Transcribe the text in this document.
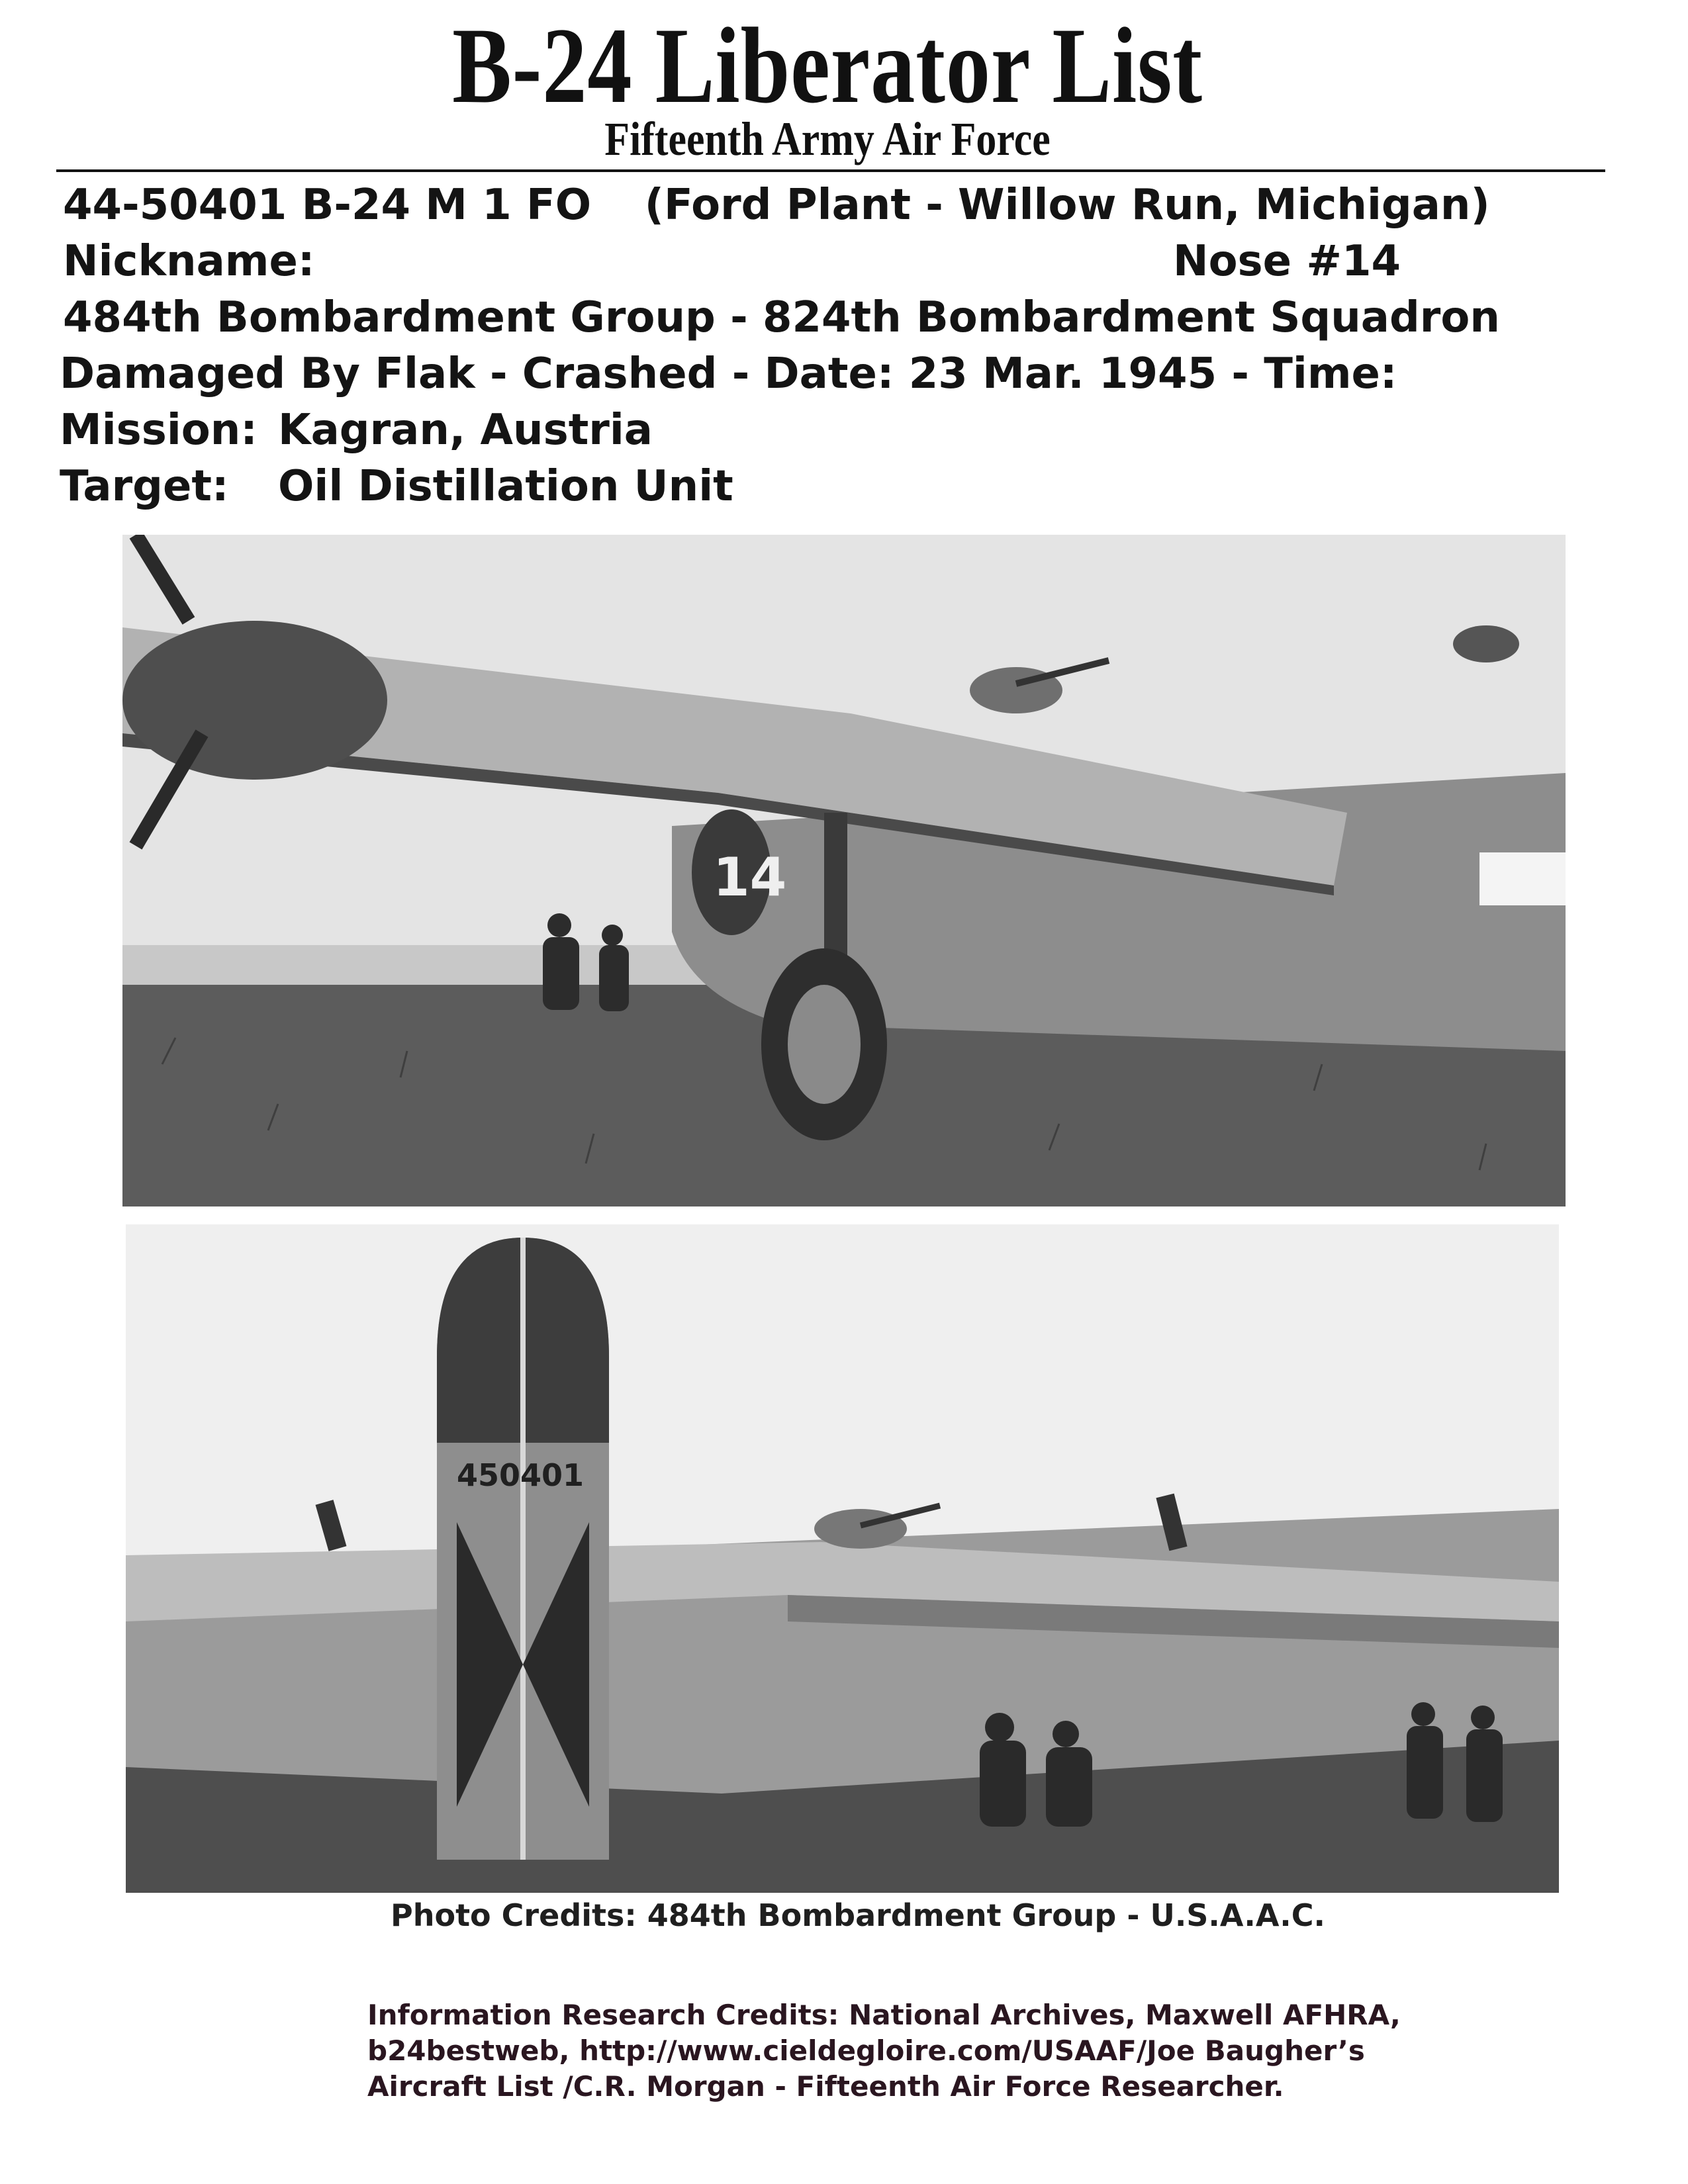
B-24 Liberator List
Fifteenth Army Air Force
44-50401 B-24 M 1 FO (Ford Plant - Willow Run, Michigan)
Nickname:	Nose #14
484th Bombardment Group - 824th Bombardment Squadron
Damaged By Flak - Crashed - Date: 23 Mar. 1945 - Time:
Mission: Kagran, Austria
Target: Oil Distillation Unit
14
450401
Photo Credits: 484th Bombardment Group - U.S.A.A.C.
Information Research Credits: National Archives, Maxwell AFHRA,
b24bestweb, http://www.cieldegloire.com/USAAF/Joe Baugher’s
Aircraft List /C.R. Morgan - Fifteenth Air Force Researcher.
